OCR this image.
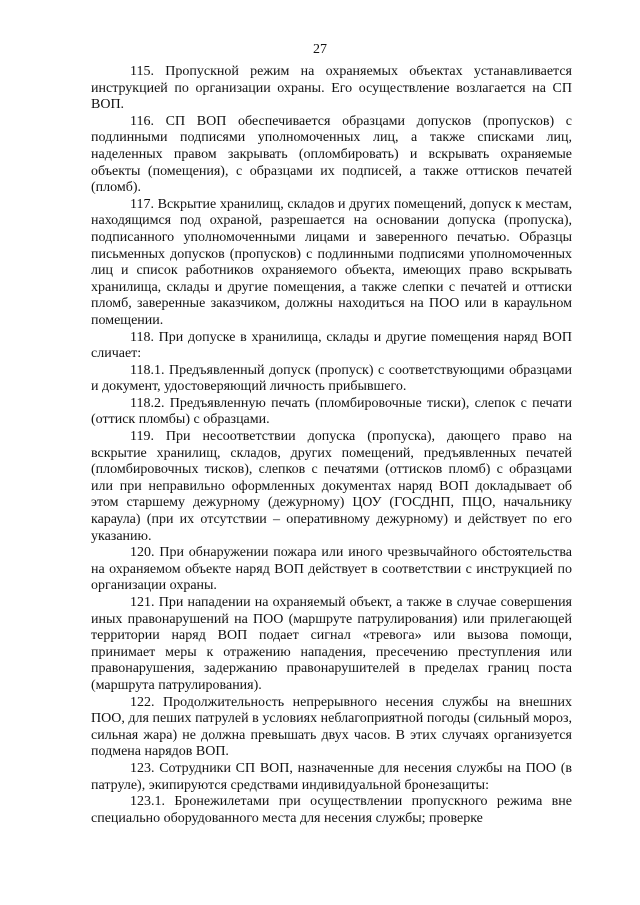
27

115. Пропускной режим на охраняемых объектах устанавливается инструкцией по организации охраны. Его осуществление возлагается на СП ВОП.

116. СП ВОП обеспечивается образцами допусков (пропусков) с подлинными подписями уполномоченных лиц, а также списками лиц, наделенных правом закрывать (опломбировать) и вскрывать охраняемые объекты (помещения), с образцами их подписей, а также оттисков печатей (пломб).

117. Вскрытие хранилищ, складов и других помещений, допуск к местам, находящимся под охраной, разрешается на основании допуска (пропуска), подписанного уполномоченными лицами и заверенного печатью. Образцы письменных допусков (пропусков) с подлинными подписями уполномоченных лиц и список работников охраняемого объекта, имеющих право вскрывать хранилища, склады и другие помещения, а также слепки с печатей и оттиски пломб, заверенные заказчиком, должны находиться на ПОО или в караульном помещении.

118. При допуске в хранилища, склады и другие помещения наряд ВОП сличает:

118.1. Предъявленный допуск (пропуск) с соответствующими образцами и документ, удостоверяющий личность прибывшего.

118.2. Предъявленную печать (пломбировочные тиски), слепок с печати (оттиск пломбы) с образцами.

119. При несоответствии допуска (пропуска), дающего право на вскрытие хранилищ, складов, других помещений, предъявленных печатей (пломбировочных тисков), слепков с печатями (оттисков пломб) с образцами или при неправильно оформленных документах наряд ВОП докладывает об этом старшему дежурному (дежурному) ЦОУ (ГОСДНП, ПЦО, начальнику караула) (при их отсутствии – оперативному дежурному) и действует по его указанию.

120. При обнаружении пожара или иного чрезвычайного обстоятельства на охраняемом объекте наряд ВОП действует в соответствии с инструкцией по организации охраны.

121. При нападении на охраняемый объект, а также в случае совершения иных правонарушений на ПОО (маршруте патрулирования) или прилегающей территории наряд ВОП подает сигнал «тревога» или вызова помощи, принимает меры к отражению нападения, пресечению преступления или правонарушения, задержанию правонарушителей в пределах границ поста (маршрута патрулирования).

122. Продолжительность непрерывного несения службы на внешних ПОО, для пеших патрулей в условиях неблагоприятной погоды (сильный мороз, сильная жара) не должна превышать двух часов. В этих случаях организуется подмена нарядов ВОП.

123. Сотрудники СП ВОП, назначенные для несения службы на ПОО (в патруле), экипируются средствами индивидуальной бронезащиты:

123.1. Бронежилетами при осуществлении пропускного режима вне специально оборудованного места для несения службы; проверке
